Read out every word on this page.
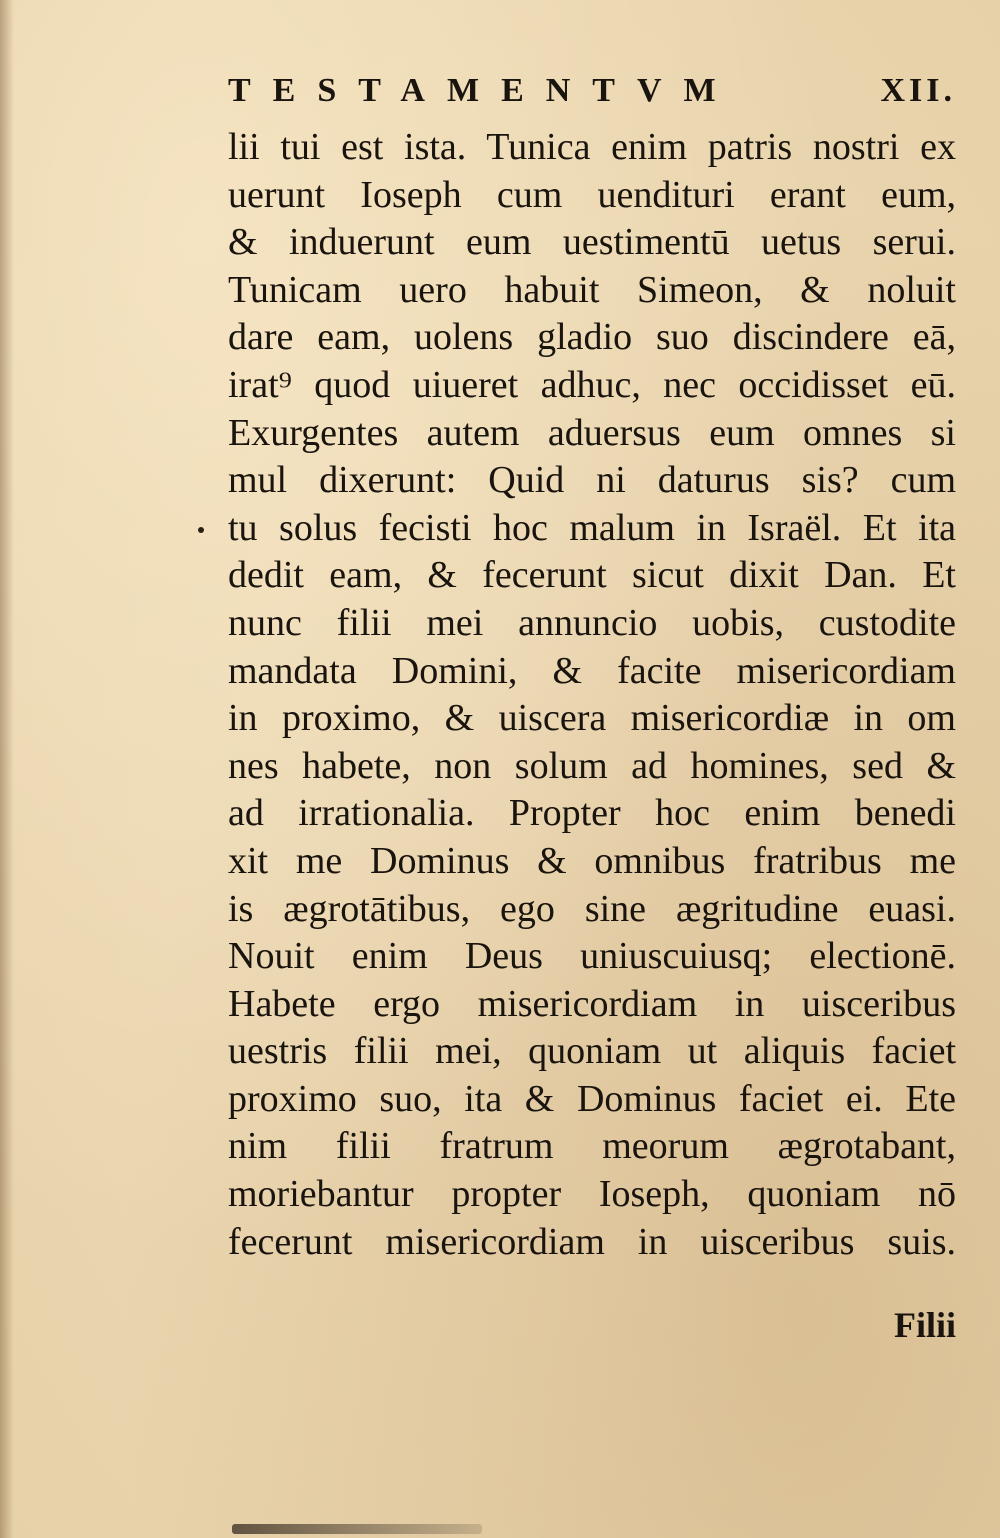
TESTAMENTVM	XII.
lii tui est ista. Tunica enim patris nostri ex
uerunt Ioseph cum uendituri erant eum,
& induerunt eum uestimentū uetus serui.
Tunicam uero habuit Simeon, & noluit
dare eam, uolens gladio suo discindere eā,
irat⁹ quod uiueret adhuc, nec occidisset eū.
Exurgentes autem aduersus eum omnes si
mul dixerunt: Quid ni daturus sis? cum
tu solus fecisti hoc malum in Israël. Et ita
dedit eam, & fecerunt sicut dixit Dan. Et
nunc filii mei annuncio uobis, custodite
mandata Domini, & facite misericordiam
in proximo, & uiscera misericordiæ in om
nes habete, non solum ad homines, sed &
ad irrationalia. Propter hoc enim benedi
xit me Dominus & omnibus fratribus me
is ægrotātibus, ego sine ægritudine euasi.
Nouit enim Deus uniuscuiusq; electionē.
Habete ergo misericordiam in uisceribus
uestris filii mei, quoniam ut aliquis faciet
proximo suo, ita & Dominus faciet ei. Ete
nim filii fratrum meorum ægrotabant,
moriebantur propter Ioseph, quoniam nō
fecerunt misericordiam in uisceribus suis.
Filii
